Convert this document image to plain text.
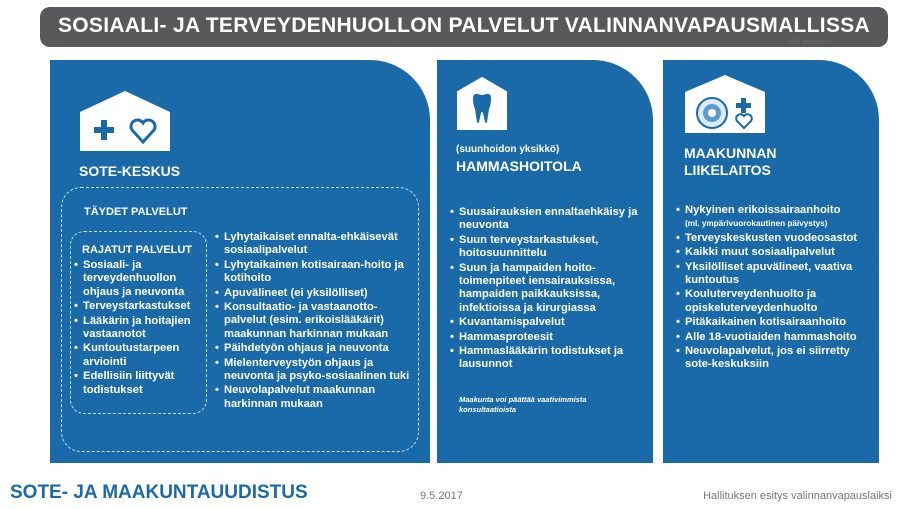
SOSIAALI- JA TERVEYDENHUOLLON PALVELUT VALINNANVAPAUSMALLISSA
STM 05/05/2017
SOTE-KESKUS
TÄYDET PALVELUT
RAJATUT PALVELUT
• Sosiaali- ja terveydenhuollon ohjaus ja neuvonta
• Terveystarkastukset
• Lääkärin ja hoitajien vastaanotot
• Kuntoutustarpeen arviointi
• Edellisiin liittyvät todistukset
• Lyhytaikaiset ennalta-ehkäisevät sosiaalipalvelut
• Lyhytaikainen kotisairaan-hoito ja kotihoito
• Apuvälineet (ei yksilölliset)
• Konsultaatio- ja vastaanotto-palvelut (esim. erikoislääkärit) maakunnan harkinnan mukaan
• Päihdetyön ohjaus ja neuvonta
• Mielenterveystyön ohjaus ja neuvonta ja psyko-sosiaalinen tuki
• Neuvolapalvelut maakunnan harkinnan mukaan
(suunhoidon yksikkö)
HAMMASHOITOLA
• Suusairauksien ennaltaehkäisy ja neuvonta
• Suun terveystarkastukset, hoitosuunnittelu
• Suun ja hampaiden hoito-toimenpiteet iensairauksissa, hampaiden paikkauksissa, infektioissa ja kirurgiassa
• Kuvantamispalvelut
• Hammasproteesit
• Hammaslääkärin todistukset ja lausunnot
Maakunta voi päättää vaativimmista konsultaatioista
MAAKUNNAN
LIIKELAITOS
• Nykyinen erikoissairaanhoito
(ml. ympärivuorokautinen päivystys)
• Terveyskeskusten vuodeosastot
• Kaikki muut sosiaalipalvelut
• Yksilölliset apuvälineet, vaativa kuntoutus
• Kouluterveydenhuolto ja opiskeluterveydenhuolto
• Pitäkaikainen kotisairaanhoito
• Alle 18-vuotiaiden hammashoito
• Neuvolapalvelut, jos ei siirretty sote-keskuksiin
SOTE- JA MAAKUNTAUUDISTUS	9.5.2017	Hallituksen esitys valinnanvapauslaiksi
